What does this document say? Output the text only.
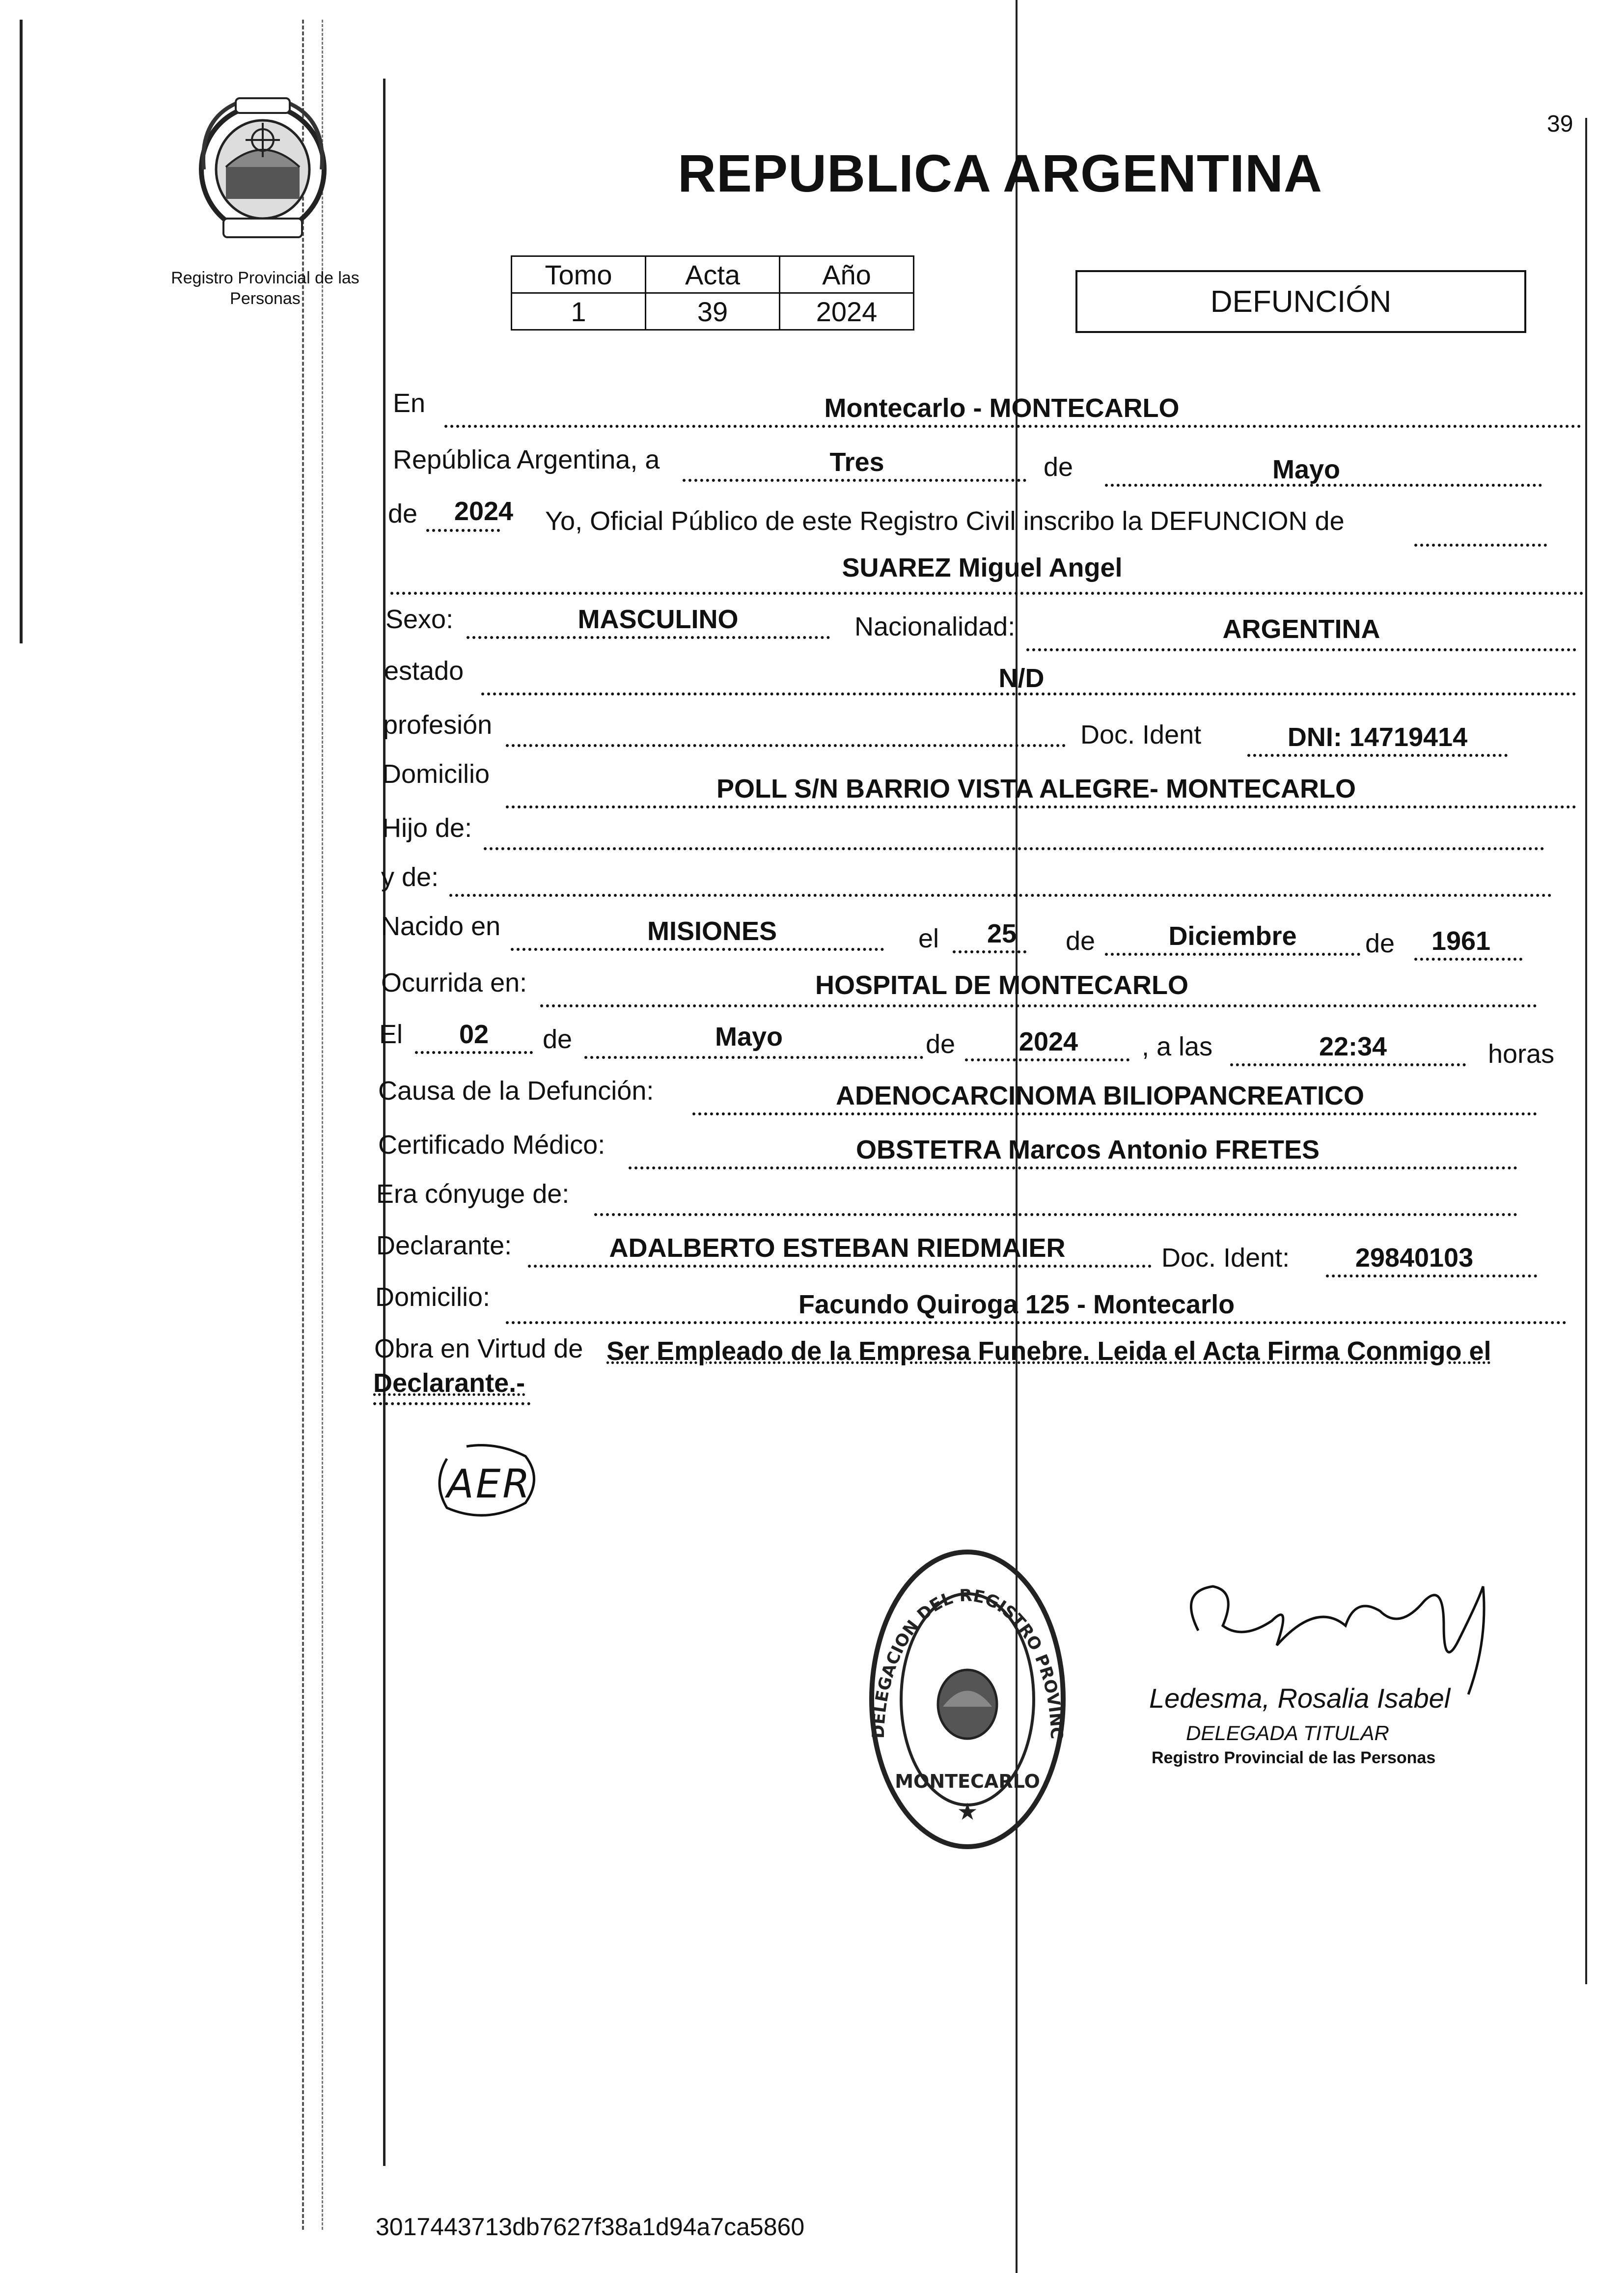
39
Registro Provincial de las Personas
REPUBLICA ARGENTINA
Tomo	Acta	Año
1	39	2024	DEFUNCIÓN
En	Montecarlo - MONTECARLO
República Argentina, a	Tres	de	Mayo
de 2024 Yo, Oficial Público de este Registro Civil inscribo la DEFUNCION de
SUAREZ Miguel Angel
Sexo:	MASCULINO	Nacionalidad:	ARGENTINA
estado	N/D
profesión	Doc. Ident	DNI: 14719414
Domicilio	POLL S/N BARRIO VISTA ALEGRE- MONTECARLO
Hijo de:
y de:
Nacido en	MISIONES	el 25 de	Diciembre	de 1961
Ocurrida en:	HOSPITAL DE MONTECARLO
El 02 de	Mayo	de 2024 , a las	22:34	horas
Causa de la Defunción:	ADENOCARCINOMA BILIOPANCREATICO
Certificado Médico:	OBSTETRA Marcos Antonio FRETES
Era cónyuge de:
Declarante:	ADALBERTO ESTEBAN RIEDMAIER	Doc. Ident: 29840103
Domicilio:	Facundo Quiroga 125 - Montecarlo
Obra en Virtud de Ser Empleado de la Empresa Funebre. Leida el Acta Firma Conmigo el
Declarante.-
AER
DELEGACION DEL REGISTRO PROVINC
MONTECARLO
★
Ledesma, Rosalia Isabel
DELEGADA TITULAR
Registro Provincial de las Personas
3017443713db7627f38a1d94a7ca5860
